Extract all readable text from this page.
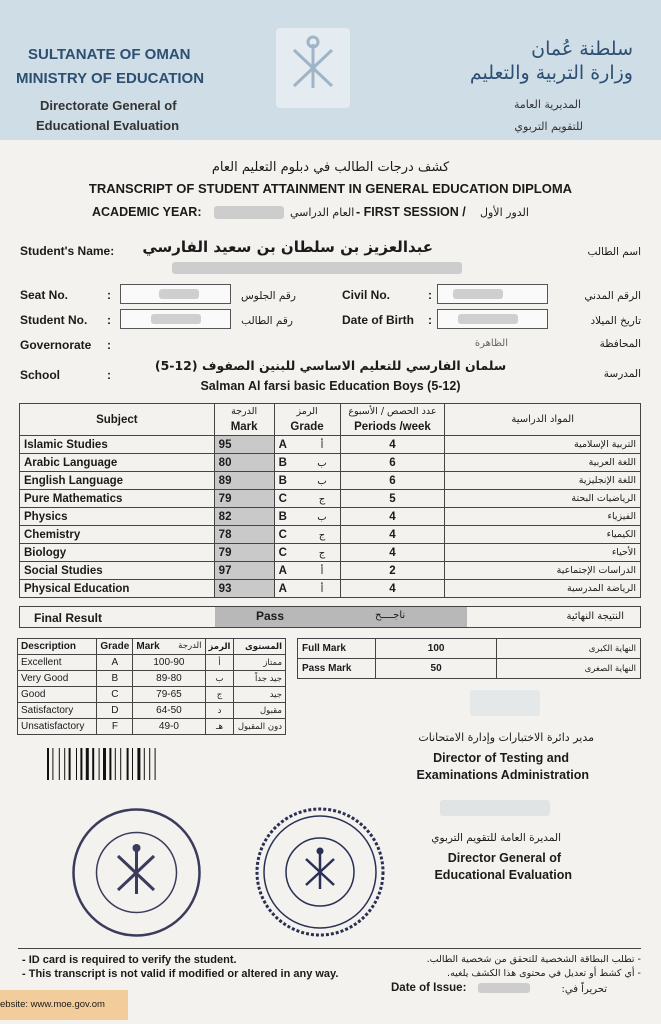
SULTANATE OF OMAN
MINISTRY OF EDUCATION
Directorate General of
Educational Evaluation
سلطنة عُمان
وزارة التربية والتعليم
المديرية العامة
للتقويم التربوي
كشف درجات الطالب في دبلوم التعليم العام
TRANSCRIPT OF STUDENT ATTAINMENT IN GENERAL EDUCATION DIPLOMA
ACADEMIC YEAR:	العام الدراسي - FIRST SESSION / الدور الأول
Student's Name: عبدالعزيز بن سلطان بن سعيد الفارسي	اسم الطالب
Seat No.	:	رقم الجلوس	Civil No.	:	الرقم المدني
Student No. :	رقم الطالب	Date of Birth :	تاريخ الميلاد
Governorate :	الظاهرة	المحافظة
School	:
سلمان الفارسي للتعليم الاساسي للبنين الصفوف (12-5)
Salman Al farsi basic Education Boys (5-12)
المدرسة
Subject	الدرجة	الرمز	عدد الحصص / الأسبوع	المواد الدراسية
	Mark	Grade	Periods /week	
Islamic Studies	95	A أ	4	التربية الإسلامية
Arabic Language	80	B ب	6	اللغة العربية
English Language	89	B ب	6	اللغة الإنجليزية
Pure Mathematics	79	C ج	5	الرياضيات البحتة
Physics	82	B ب	4	الفيزياء
Chemistry	78	C ج	4	الكيمياء
Biology	79	C ج	4	الأحياء
Social Studies	97	A أ	2	الدراسات الإجتماعية
Physical Education	93	A أ	4	الرياضة المدرسية
Final Result	Pass	ناجــــح	النتيجة النهائية
Description	Grade	Mark الدرجة	الرمز	المستوى
Excellent	A	100-90	أ	ممتاز
Very Good	B	89-80	ب	جيد جداً
Good	C	79-65	ج	جيد
Satisfactory	D	64-50	د	مقبول
Unsatisfactory	F	49-0	هـ	دون المقبول
Full Mark	100	النهاية الكبرى
Pass Mark	50	النهاية الصغرى
مدير دائرة الاختبارات وإدارة الامتحانات
Director of Testing and
Examinations Administration
المديرة العامة للتقويم التربوي
Director General of
Educational Evaluation
- ID card is required to verify the student.
- This transcript is not valid if modified or altered in any way.
- تطلب البطاقة الشخصية للتحقق من شخصية الطالب.
- أي كشط أو تعديل في محتوى هذا الكشف يلغيه.
Date of Issue:	تحريراً في:
ebsite: www.moe.gov.om
